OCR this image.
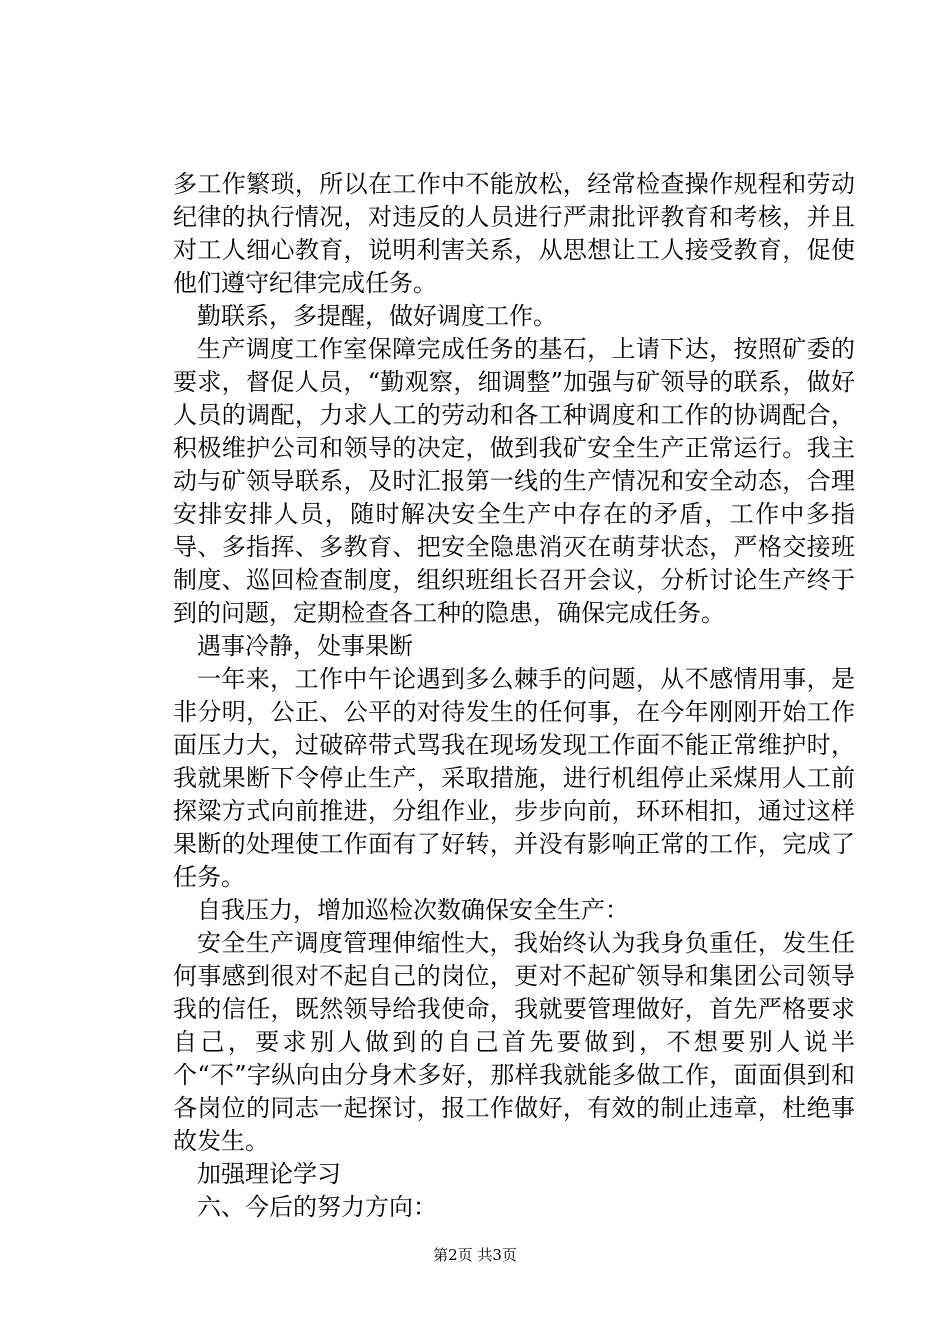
多工作繁琐，所以在工作中不能放松，经常检查操作规程和劳动纪律的执行情况，对违反的人员进行严肃批评教育和考核，并且对工人细心教育，说明利害关系，从思想让工人接受教育，促使他们遵守纪律完成任务。

勤联系，多提醒，做好调度工作。

生产调度工作室保障完成任务的基石，上请下达，按照矿委的要求，督促人员，“勤观察，细调整”加强与矿领导的联系，做好人员的调配，力求人工的劳动和各工种调度和工作的协调配合，积极维护公司和领导的决定，做到我矿安全生产正常运行。我主动与矿领导联系，及时汇报第一线的生产情况和安全动态，合理安排安排人员，随时解决安全生产中存在的矛盾，工作中多指导、多指挥、多教育、把安全隐患消灭在萌芽状态，严格交接班制度、巡回检查制度，组织班组长召开会议，分析讨论生产终于到的问题，定期检查各工种的隐患，确保完成任务。

遇事冷静，处事果断

一年来，工作中午论遇到多么棘手的问题，从不感情用事，是非分明，公正、公平的对待发生的任何事，在今年刚刚开始工作面压力大，过破碎带式骂我在现场发现工作面不能正常维护时，我就果断下令停止生产，采取措施，进行机组停止采煤用人工前探粱方式向前推进，分组作业，步步向前，环环相扣，通过这样果断的处理使工作面有了好转，并没有影响正常的工作，完成了任务。

自我压力，增加巡检次数确保安全生产：

安全生产调度管理伸缩性大，我始终认为我身负重任，发生任何事感到很对不起自己的岗位，更对不起矿领导和集团公司领导我的信任，既然领导给我使命，我就要管理做好，首先严格要求自己，要求别人做到的自己首先要做到，不想要别人说半个“不”字纵向由分身术多好，那样我就能多做工作，面面俱到和各岗位的同志一起探讨，报工作做好，有效的制止违章，杜绝事故发生。

加强理论学习

六、今后的努力方向：

第2页 共3页
